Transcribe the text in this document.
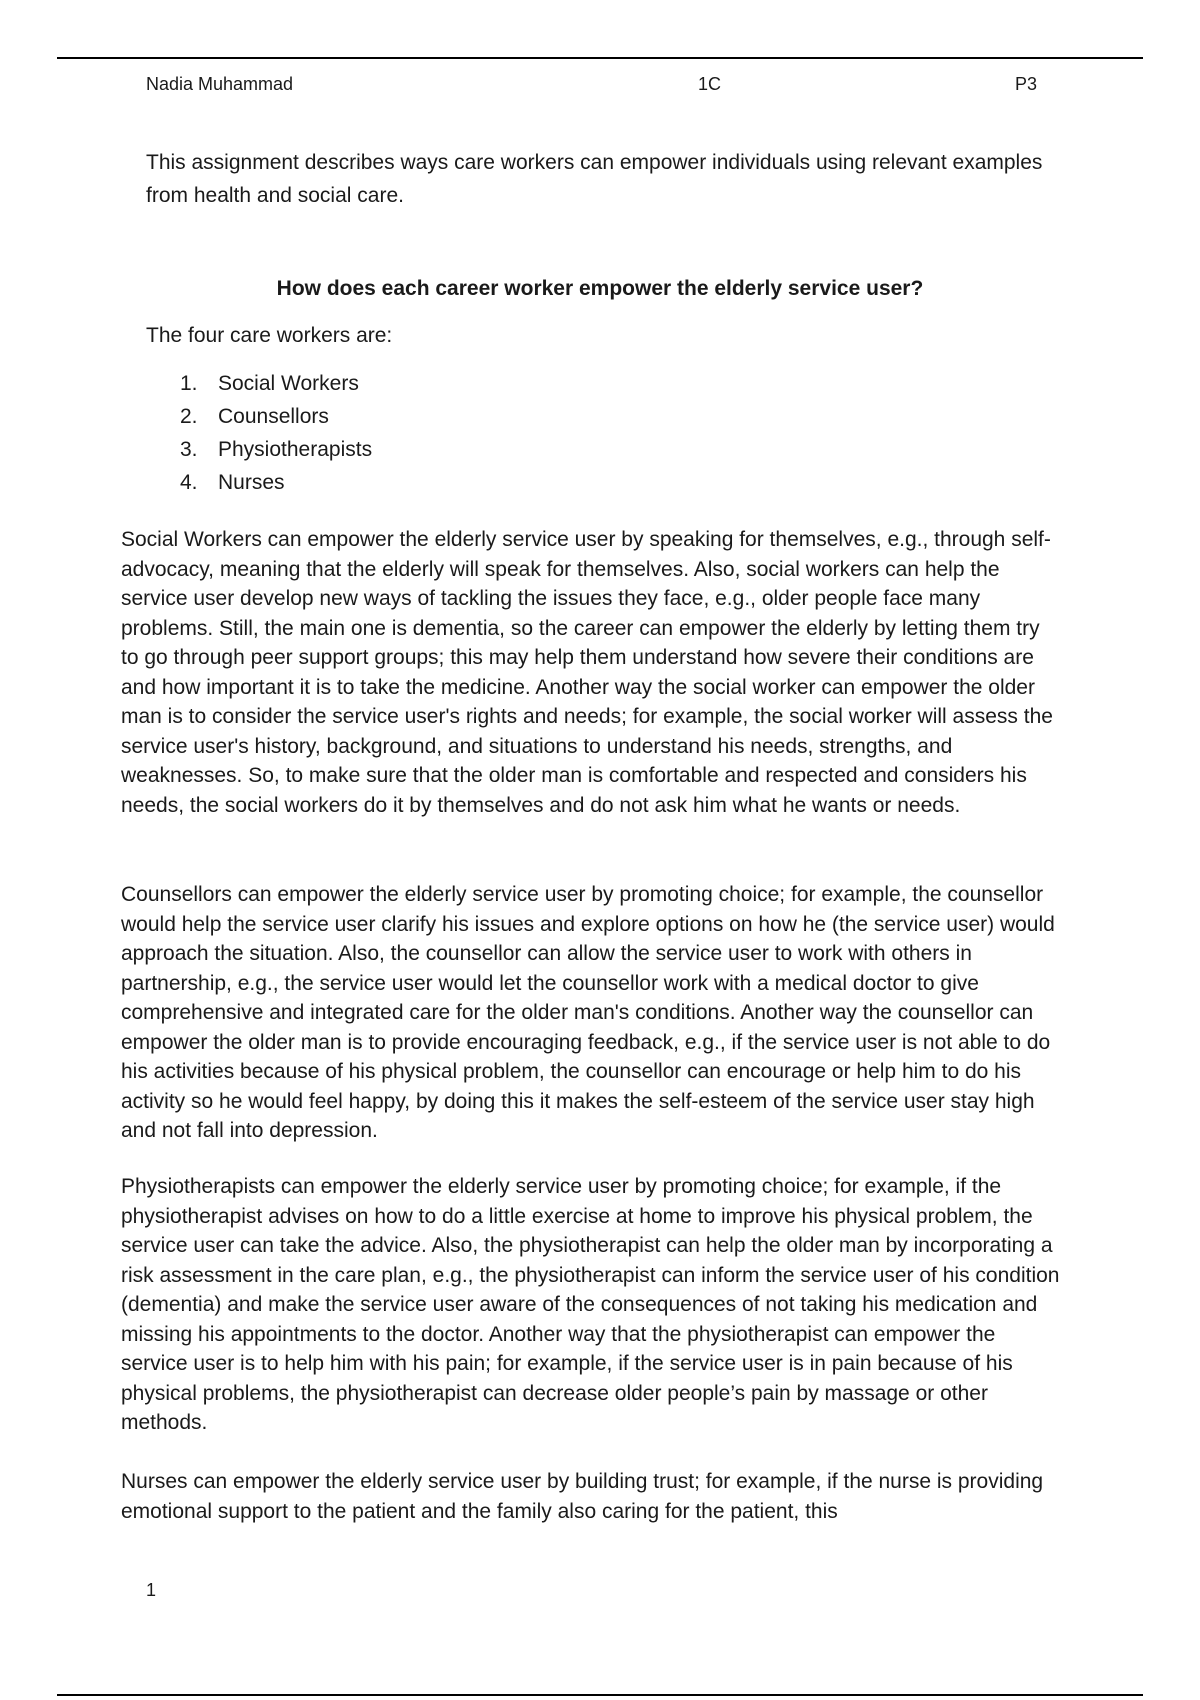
Nadia Muhammad	1C	P3

This assignment describes ways care workers can empower individuals using relevant examples from health and social care.

How does each career worker empower the elderly service user?

The four care workers are:

1. Social Workers
2. Counsellors
3. Physiotherapists
4. Nurses

Social Workers can empower the elderly service user by speaking for themselves, e.g., through self-advocacy, meaning that the elderly will speak for themselves. Also, social workers can help the service user develop new ways of tackling the issues they face, e.g., older people face many problems. Still, the main one is dementia, so the career can empower the elderly by letting them try to go through peer support groups; this may help them understand how severe their conditions are and how important it is to take the medicine. Another way the social worker can empower the older man is to consider the service user's rights and needs; for example, the social worker will assess the service user's history, background, and situations to understand his needs, strengths, and weaknesses. So, to make sure that the older man is comfortable and respected and considers his needs, the social workers do it by themselves and do not ask him what he wants or needs.

Counsellors can empower the elderly service user by promoting choice; for example, the counsellor would help the service user clarify his issues and explore options on how he (the service user) would approach the situation. Also, the counsellor can allow the service user to work with others in partnership, e.g., the service user would let the counsellor work with a medical doctor to give comprehensive and integrated care for the older man's conditions. Another way the counsellor can empower the older man is to provide encouraging feedback, e.g., if the service user is not able to do his activities because of his physical problem, the counsellor can encourage or help him to do his activity so he would feel happy, by doing this it makes the self-esteem of the service user stay high and not fall into depression.

Physiotherapists can empower the elderly service user by promoting choice; for example, if the physiotherapist advises on how to do a little exercise at home to improve his physical problem, the service user can take the advice. Also, the physiotherapist can help the older man by incorporating a risk assessment in the care plan, e.g., the physiotherapist can inform the service user of his condition (dementia) and make the service user aware of the consequences of not taking his medication and missing his appointments to the doctor. Another way that the physiotherapist can empower the service user is to help him with his pain; for example, if the service user is in pain because of his physical problems, the physiotherapist can decrease older people’s pain by massage or other methods.

Nurses can empower the elderly service user by building trust; for example, if the nurse is providing emotional support to the patient and the family also caring for the patient, this

1
